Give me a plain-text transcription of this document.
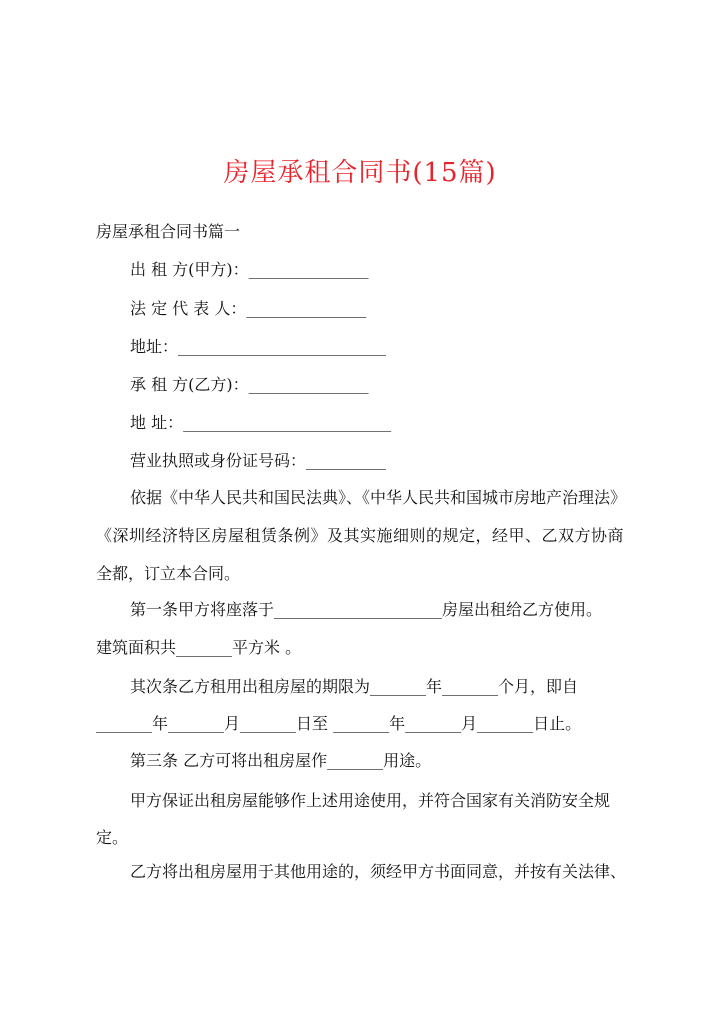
房屋承租合同书(15篇)
房屋承租合同书篇一
出 租 方(甲方)：_______________
法 定 代 表 人：_______________
地址：__________________________
承 租 方(乙方)：_______________
地 址：__________________________
营业执照或身份证号码：__________
依据《中华人民共和国民法典》、《中华人民共和国城市房地产治理法》
《深圳经济特区房屋租赁条例》及其实施细则的规定，经甲、乙双方协商
全都，订立本合同。
第一条甲方将座落于_____________________房屋出租给乙方使用。
建筑面积共_______平方米 。
其次条乙方租用出租房屋的期限为_______年_______个月，即自
_______年_______月_______日至 _______年_______月_______日止。
第三条 乙方可将出租房屋作_______用途。
甲方保证出租房屋能够作上述用途使用，并符合国家有关消防安全规
定。
乙方将出租房屋用于其他用途的，须经甲方书面同意，并按有关法律、
